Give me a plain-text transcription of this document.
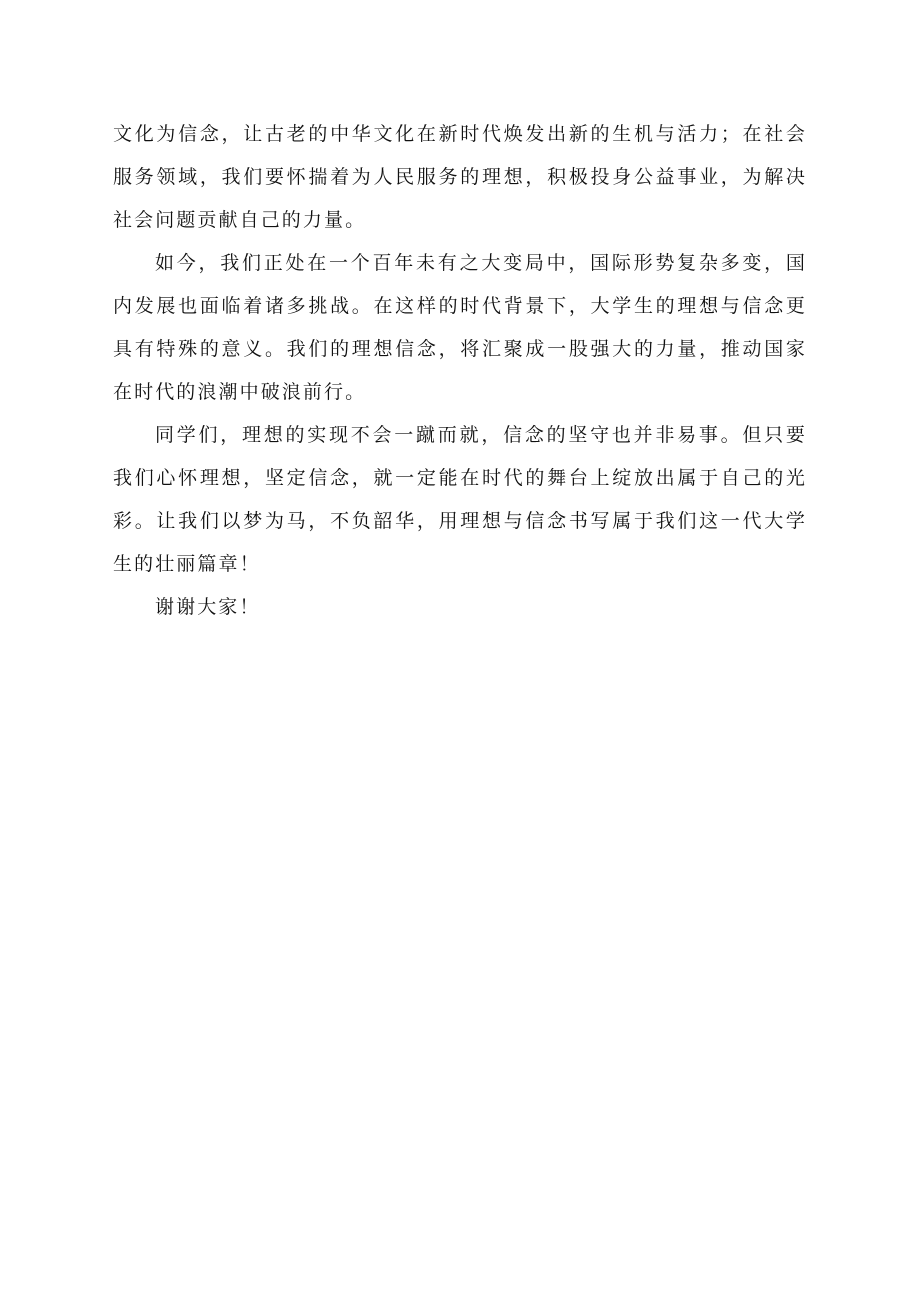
文化为信念，让古老的中华文化在新时代焕发出新的生机与活力；在社会服务领域，我们要怀揣着为人民服务的理想，积极投身公益事业，为解决社会问题贡献自己的力量。

如今，我们正处在一个百年未有之大变局中，国际形势复杂多变，国内发展也面临着诸多挑战。在这样的时代背景下，大学生的理想与信念更具有特殊的意义。我们的理想信念，将汇聚成一股强大的力量，推动国家在时代的浪潮中破浪前行。

同学们，理想的实现不会一蹴而就，信念的坚守也并非易事。但只要我们心怀理想，坚定信念，就一定能在时代的舞台上绽放出属于自己的光彩。让我们以梦为马，不负韶华，用理想与信念书写属于我们这一代大学生的壮丽篇章！

谢谢大家！
